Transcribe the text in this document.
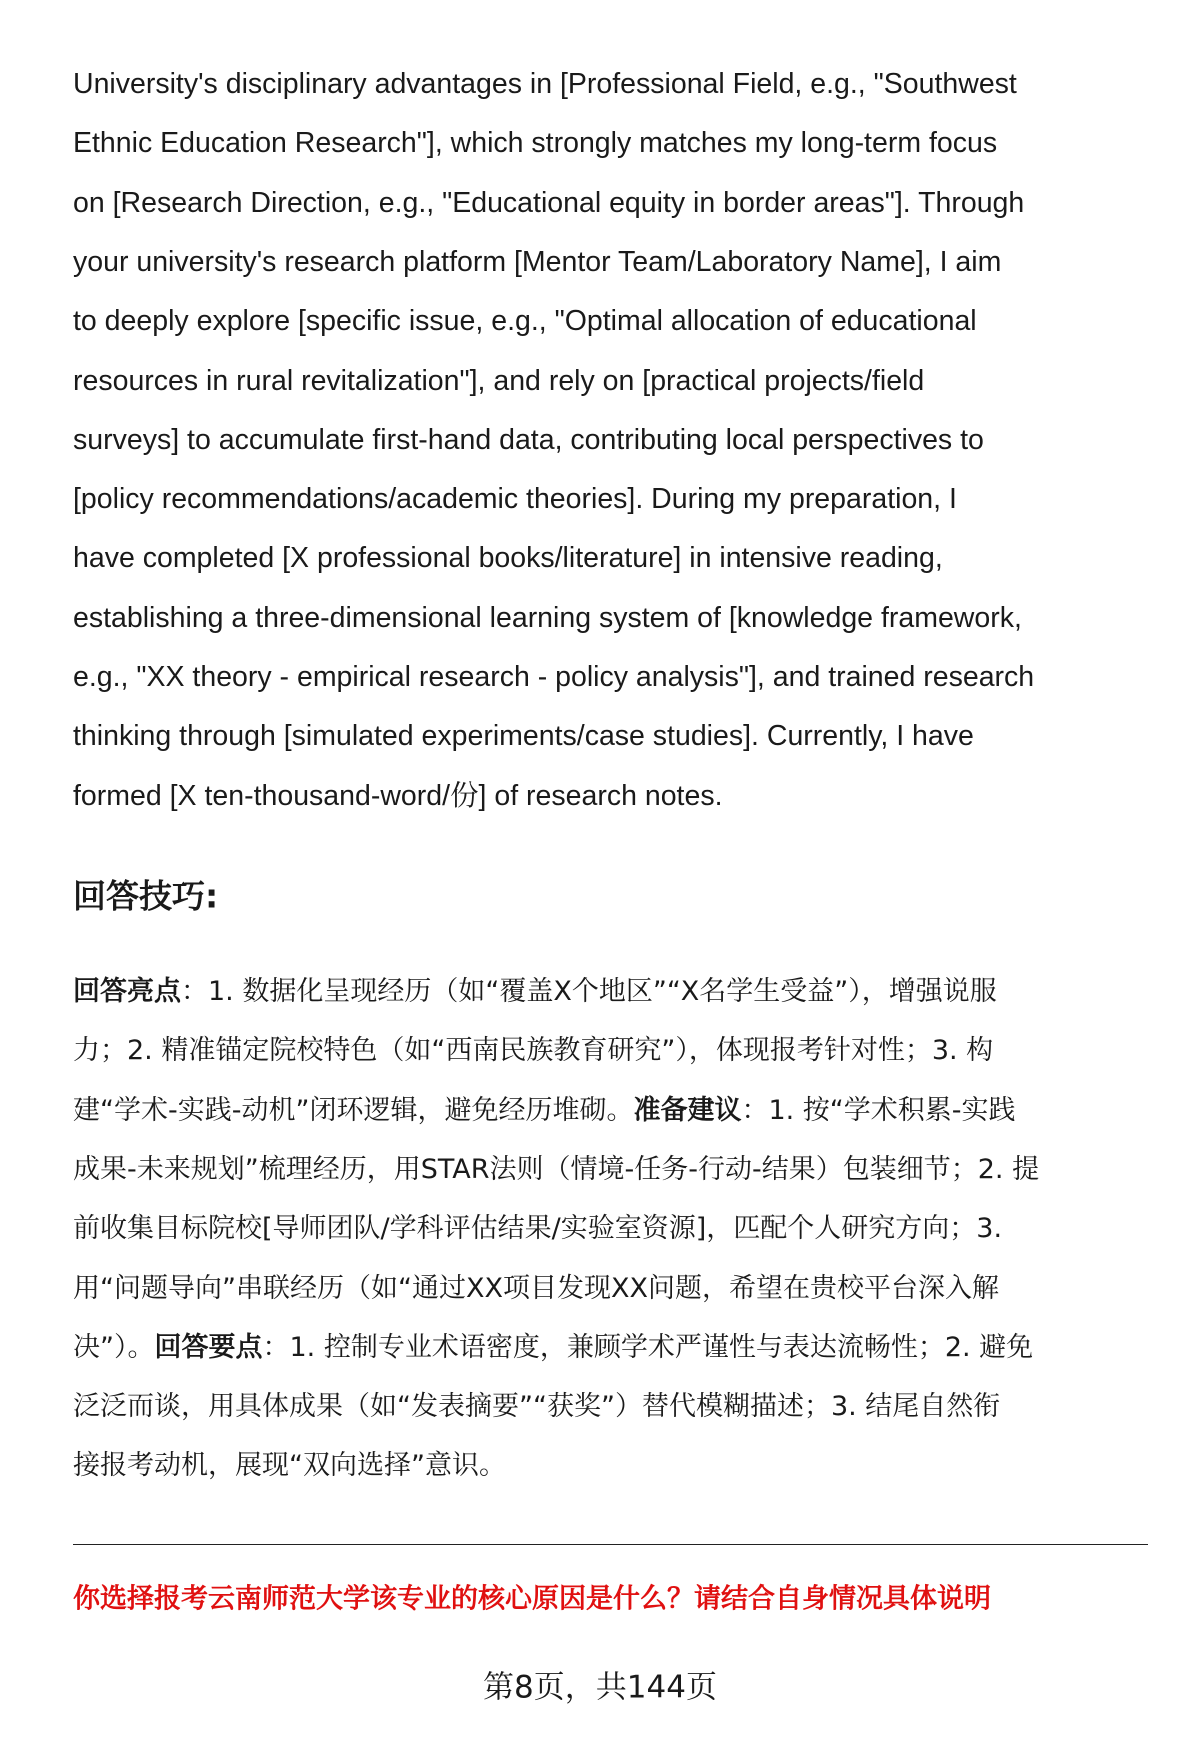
University's disciplinary advantages in [Professional Field, e.g., "Southwest
Ethnic Education Research"], which strongly matches my long-term focus
on [Research Direction, e.g., "Educational equity in border areas"]. Through
your university's research platform [Mentor Team/Laboratory Name], I aim
to deeply explore [specific issue, e.g., "Optimal allocation of educational
resources in rural revitalization"], and rely on [practical projects/field
surveys] to accumulate first-hand data, contributing local perspectives to
[policy recommendations/academic theories]. During my preparation, I
have completed [X professional books/literature] in intensive reading,
establishing a three-dimensional learning system of [knowledge framework,
e.g., "XX theory - empirical research - policy analysis"], and trained research
thinking through [simulated experiments/case studies]. Currently, I have
formed [X ten-thousand-word/份] of research notes.
回答技巧:
回答亮点：1. 数据化呈现经历（如“覆盖X个地区”“X名学生受益”），增强说服
力；2. 精准锚定院校特色（如“西南民族教育研究”），体现报考针对性；3. 构
建“学术-实践-动机”闭环逻辑，避免经历堆砌。准备建议：1. 按“学术积累-实践
成果-未来规划”梳理经历，用STAR法则（情境-任务-行动-结果）包装细节；2. 提
前收集目标院校[导师团队/学科评估结果/实验室资源]，匹配个人研究方向；3.
用“问题导向”串联经历（如“通过XX项目发现XX问题，希望在贵校平台深入解
决”）。回答要点：1. 控制专业术语密度，兼顾学术严谨性与表达流畅性；2. 避免
泛泛而谈，用具体成果（如“发表摘要”“获奖”）替代模糊描述；3. 结尾自然衔
接报考动机，展现“双向选择”意识。
你选择报考云南师范大学该专业的核心原因是什么？请结合自身情况具体说明
第8页，共144页
